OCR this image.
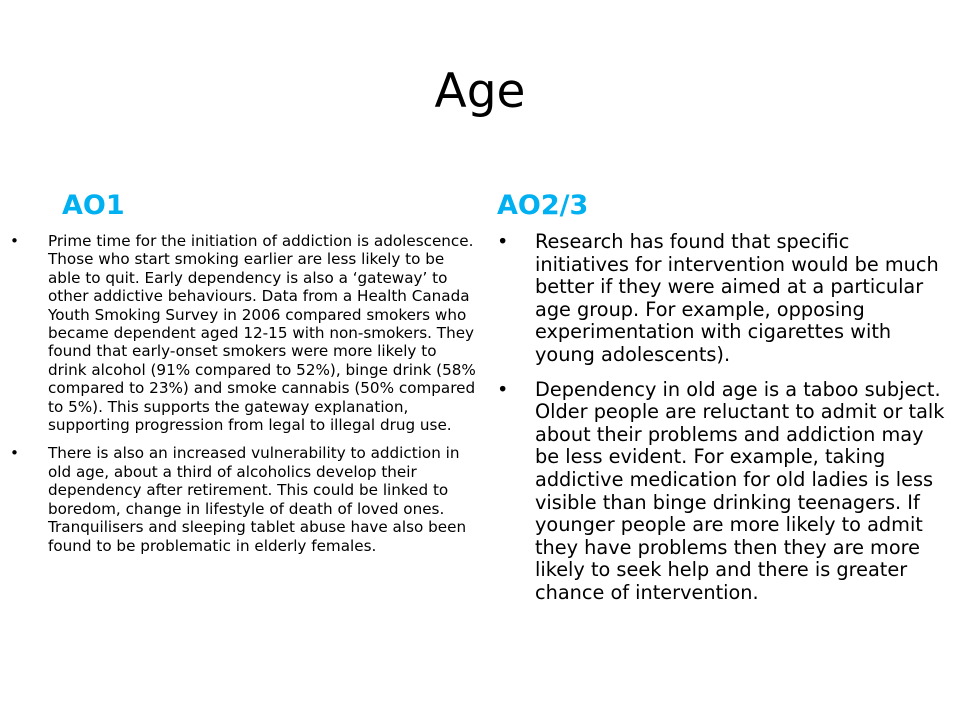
Age
AO1	AO2/3
• Prime time for the initiation of addiction is adolescence. Those who start smoking earlier are less likely to be able to quit. Early dependency is also a ‘gateway’ to other addictive behaviours. Data from a Health Canada Youth Smoking Survey in 2006 compared smokers who became dependent aged 12-15 with non-smokers. They found that early-onset smokers were more likely to drink alcohol (91% compared to 52%), binge drink (58% compared to 23%) and smoke cannabis (50% compared to 5%). This supports the gateway explanation, supporting progression from legal to illegal drug use.
• There is also an increased vulnerability to addiction in old age, about a third of alcoholics develop their dependency after retirement. This could be linked to boredom, change in lifestyle of death of loved ones. Tranquilisers and sleeping tablet abuse have also been found to be problematic in elderly females.
• Research has found that specific initiatives for intervention would be much better if they were aimed at a particular age group. For example, opposing experimentation with cigarettes with young adolescents).
• Dependency in old age is a taboo subject. Older people are reluctant to admit or talk about their problems and addiction may be less evident. For example, taking addictive medication for old ladies is less visible than binge drinking teenagers. If younger people are more likely to admit they have problems then they are more likely to seek help and there is greater chance of intervention.
